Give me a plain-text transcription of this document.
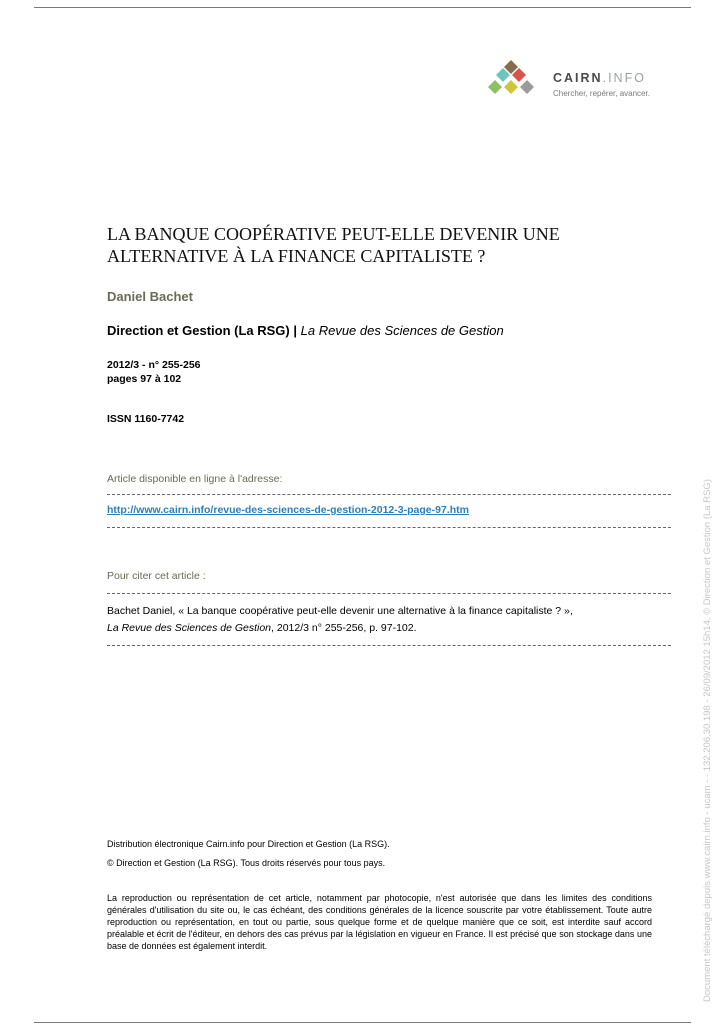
CAIRN.INFO
Chercher, repérer, avancer.
LA BANQUE COOPÉRATIVE PEUT-ELLE DEVENIR UNE
ALTERNATIVE À LA FINANCE CAPITALISTE ?
Daniel Bachet
Direction et Gestion (La RSG) | La Revue des Sciences de Gestion
2012/3 - n° 255-256
pages 97 à 102
ISSN 1160-7742
Article disponible en ligne à l'adresse:
http://www.cairn.info/revue-des-sciences-de-gestion-2012-3-page-97.htm
Pour citer cet article :
Bachet Daniel, « La banque coopérative peut-elle devenir une alternative à la finance capitaliste ? »,
La Revue des Sciences de Gestion, 2012/3 n° 255-256, p. 97-102.
Distribution électronique Cairn.info pour Direction et Gestion (La RSG).
© Direction et Gestion (La RSG). Tous droits réservés pour tous pays.

La reproduction ou représentation de cet article, notamment par photocopie, n'est autorisée que dans les limites des conditions générales d'utilisation du site ou, le cas échéant, des conditions générales de la licence souscrite par votre établissement. Toute autre reproduction ou représentation, en tout ou partie, sous quelque forme et de quelque manière que ce soit, est interdite sauf accord préalable et écrit de l'éditeur, en dehors des cas prévus par la législation en vigueur en France. Il est précisé que son stockage dans une base de données est également interdit.	Document téléchargé depuis www.cairn.info - ucam - - 132.206.30.198 - 26/09/2012 15h14. © Direction et Gestion (La RSG)
